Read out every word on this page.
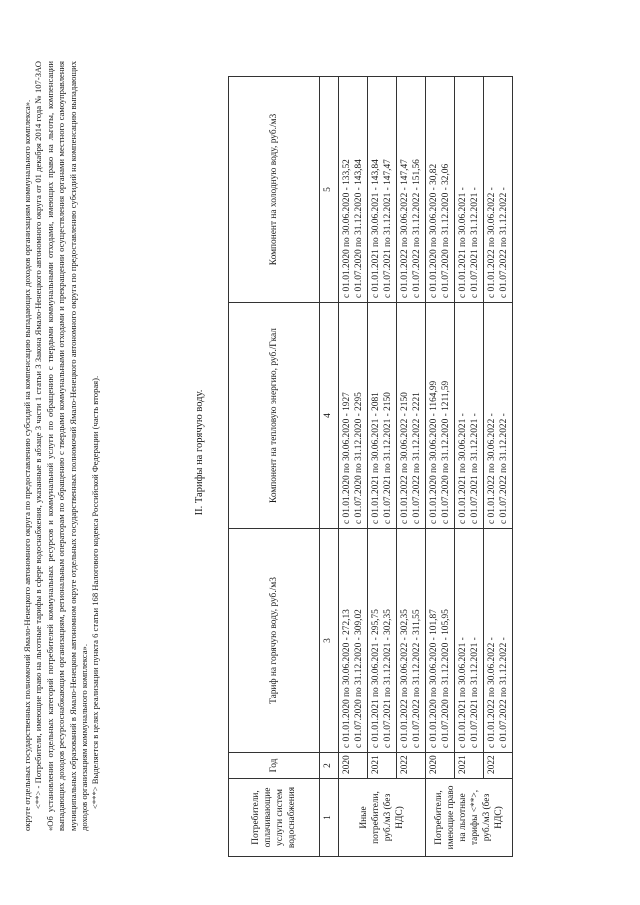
округе отдельных государственных полномочий Ямало-Ненецкого автономного округа по предоставлению субсидий на компенсацию выпадающих доходов организациям коммунального комплекса». <**> - Потребители, имеющие право на льготные тарифы в сфере водоснабжения, указанные в абзаце 3 части 1 статьи 3 Закона Ямало-Ненецкого автономного округа от 01 декабря 2014 года № 107-ЗАО «Об установлении отдельных категорий потребителей коммунальных ресурсов и коммунальной услуги по обращению с твердыми коммунальными отходами, имеющих право на льготы, компенсации выпадающих доходов ресурсоснабжающим организациям, региональным операторам по обращению с твердыми коммунальными отходами и прекращении осуществления органами местного самоуправления муниципальных образований в Ямало-Ненецком автономном округе отдельных государственных полномочий Ямало-Ненецкого автономного округа по предоставлению субсидий на компенсацию выпадающих доходов организациям коммунального комплекса». <***> Выделяется в целях реализации пункта 6 статьи 168 Налогового кодекса Российской Федерации (часть вторая).	II. Тарифы на горячую воду.
Потребители, оплачивающие услуги систем водоснабжения	Год	Тариф на горячую воду, руб./м3	Компонент на тепловую энергию, руб./Гкал	Компонент на холодную воду, руб./м3
1	2	3	4	5
Иные потребители, руб./м3 (без НДС)	2020	с 01.01.2020 по 30.06.2020 - 272,13 с 01.07.2020 по 31.12.2020 - 309,02	с 01.01.2020 по 30.06.2020 - 1927 с 01.07.2020 по 31.12.2020 - 2295	с 01.01.2020 по 30.06.2020 - 133,52 с 01.07.2020 по 31.12.2020 - 143,84

	2021	с 01.01.2021 по 30.06.2021 - 295,75 с 01.07.2021 по 31.12.2021 - 302,35	с 01.01.2021 по 30.06.2021 - 2081 с 01.07.2021 по 31.12.2021 - 2150	с 01.01.2021 по 30.06.2021 - 143,84 с 01.07.2021 по 31.12.2021 - 147,47

	2022	с 01.01.2022 по 30.06.2022 - 302,35 с 01.07.2022 по 31.12.2022 - 311,55	с 01.01.2022 по 30.06.2022 - 2150 с 01.07.2022 по 31.12.2022 - 2221	с 01.01.2022 по 30.06.2022 - 147,47 с 01.07.2022 по 31.12.2022 - 151,56

Потребители, имеющие право на льготные тарифы <**>, руб./м3 (без НДС)	2020	с 01.01.2020 по 30.06.2020 - 101,87 с 01.07.2020 по 31.12.2020 - 105,95	с 01.01.2020 по 30.06.2020 - 1164,99 с 01.07.2020 по 31.12.2020 - 1211,59	с 01.01.2020 по 30.06.2020 - 30,82 с 01.07.2020 по 31.12.2020 - 32,06

	2021	с 01.01.2021 по 30.06.2021 - с 01.07.2021 по 31.12.2021 -	с 01.01.2021 по 30.06.2021 - с 01.07.2021 по 31.12.2021 -	с 01.01.2021 по 30.06.2021 - с 01.07.2021 по 31.12.2021 -

	2022	с 01.01.2022 по 30.06.2022 - с 01.07.2022 по 31.12.2022 -	с 01.01.2022 по 30.06.2022 - с 01.07.2022 по 31.12.2022 -	с 01.01.2022 по 30.06.2022 - с 01.07.2022 по 31.12.2022 -
